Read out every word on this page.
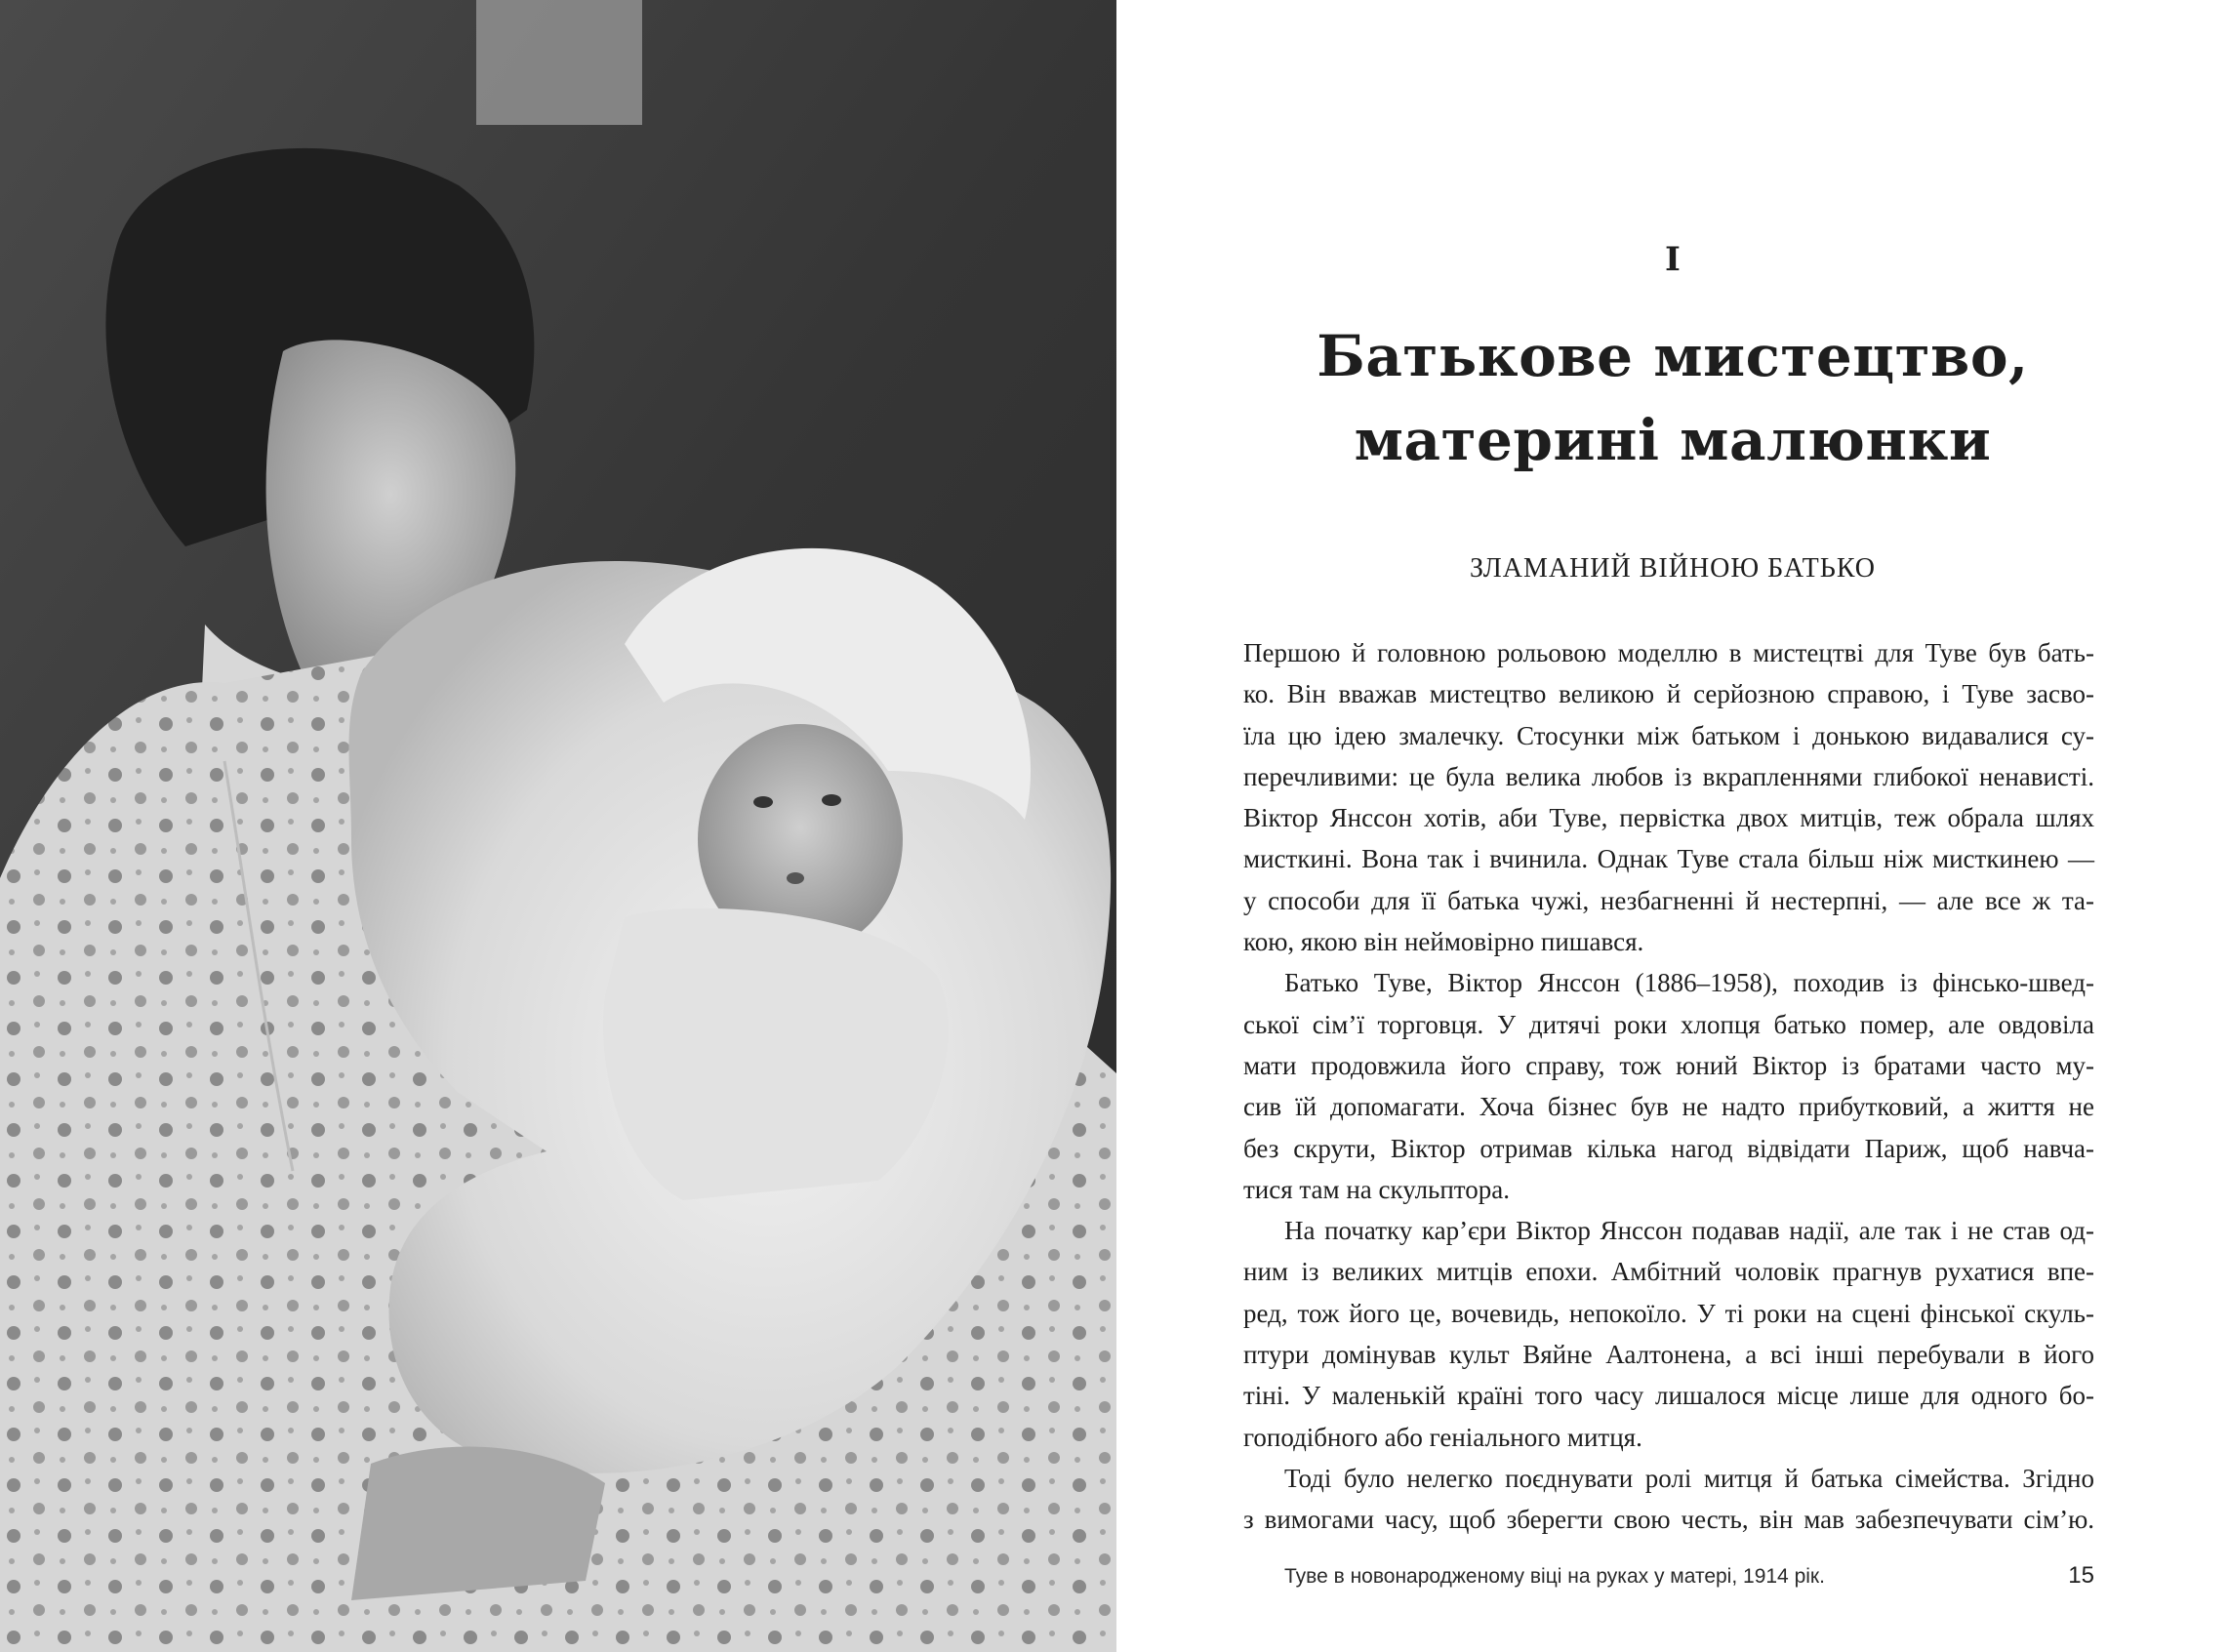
I
Батькове мистецтво,
материні малюнки
ЗЛАМАНИЙ ВІЙНОЮ БАТЬКО
Першою й головною рольовою моделлю в мистецтві для Туве був бать-
ко. Він вважав мистецтво великою й серйозною справою, і Туве засво-
їла цю ідею змалечку. Стосунки між батьком і донькою видавалися су-
перечливими: це була велика любов із вкрапленнями глибокої ненависті.
Віктор Янссон хотів, аби Туве, первістка двох митців, теж обрала шлях
мисткині. Вона так і вчинила. Однак Туве стала більш ніж мисткинею —
у способи для її батька чужі, незбагненні й нестерпні, — але все ж та-
кою, якою він неймовірно пишався.
Батько Туве, Віктор Янссон (1886–1958), походив із фінсько-швед-
ської сім’ї торговця. У дитячі роки хлопця батько помер, але овдовіла
мати продовжила його справу, тож юний Віктор із братами часто му-
сив їй допомагати. Хоча бізнес був не надто прибутковий, а життя не
без скрути, Віктор отримав кілька нагод відвідати Париж, щоб навча-
тися там на скульптора.
На початку кар’єри Віктор Янссон подавав надії, але так і не став од-
ним із великих митців епохи. Амбітний чоловік прагнув рухатися впе-
ред, тож його це, вочевидь, непокоїло. У ті роки на сцені фінської скуль-
птури домінував культ Вяйне Аалтонена, а всі інші перебували в його
тіні. У маленькій країні того часу лишалося місце лише для одного бо-
гоподібного або геніального митця.
Тоді було нелегко поєднувати ролі митця й батька сімейства. Згідно
з вимогами часу, щоб зберегти свою честь, він мав забезпечувати сім’ю.
Туве в новонародженому віці на руках у матері, 1914 рік.	15
